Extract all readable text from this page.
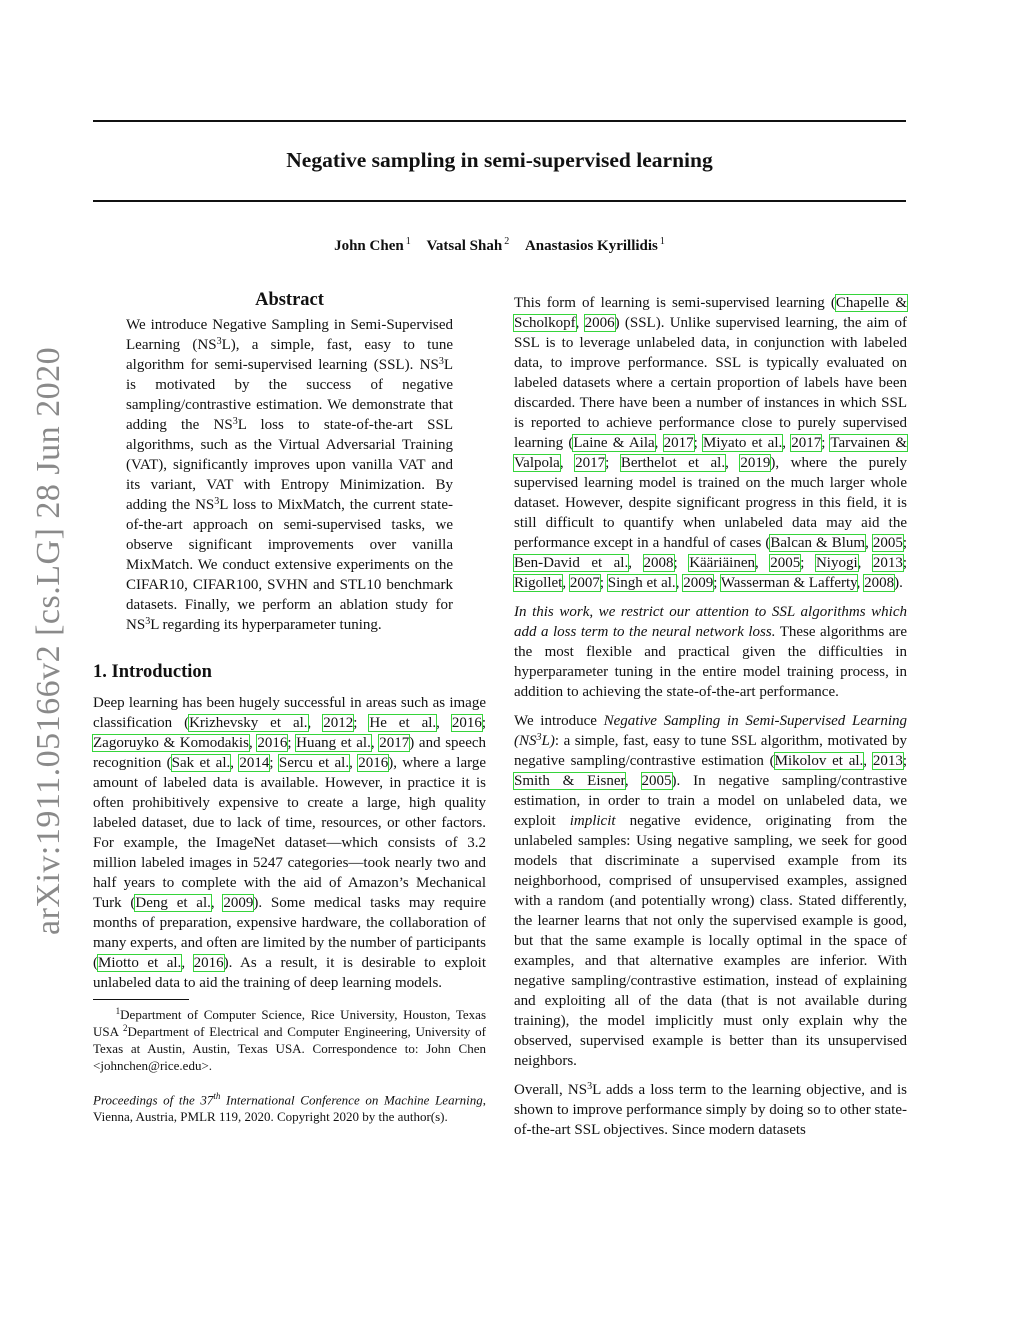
arXiv:1911.05166v2 [cs.LG] 28 Jun 2020
Negative sampling in semi-supervised learning
John Chen $^1$ Vatsal Shah $^2$ Anastasios Kyrillidis $^1$
Abstract

We introduce Negative Sampling in Semi-Supervised Learning $(NS^3L)$, a simple, fast, easy to tune algorithm for semi-supervised learning (SSL). $NS^3L$ is motivated by the success of negative sampling/contrastive estimation. We demonstrate that adding the $NS^3L$ loss to state-of-the-art SSL algorithms, such as the Virtual Adversarial Training (VAT), significantly improves upon vanilla VAT and its variant, VAT with Entropy Minimization. By adding the $NS^3L$ loss to MixMatch, the current state-of-the-art approach on semi-supervised tasks, we observe significant improvements over vanilla MixMatch. We conduct extensive experiments on the CIFAR10, CIFAR100, SVHN and STL10 benchmark datasets. Finally, we perform an ablation study for $NS^3L$ regarding its hyperparameter tuning.

1. Introduction

Deep learning has been hugely successful in areas such as image classification (Krizhevsky et al., 2012; He et al., 2016; Zagoruyko & Komodakis, 2016; Huang et al., 2017) and speech recognition (Sak et al., 2014; Sercu et al., 2016), where a large amount of labeled data is available. However, in practice it is often prohibitively expensive to create a large, high quality labeled dataset, due to lack of time, resources, or other factors. For example, the ImageNet dataset—which consists of 3.2 million labeled images in 5247 categories—took nearly two and half years to complete with the aid of Amazon’s Mechanical Turk (Deng et al., 2009). Some medical tasks may require months of preparation, expensive hardware, the collaboration of many experts, and often are limited by the number of participants (Miotto et al., 2016). As a result, it is desirable to exploit unlabeled data to aid the training of deep learning models.

$^1$Department of Computer Science, Rice University, Houston, Texas USA $^2$Department of Electrical and Computer Engineering, University of Texas at Austin, Austin, Texas USA. Correspondence to: John Chen <johnchen@rice.edu>.

Proceedings of the 37th International Conference on Machine Learning, Vienna, Austria, PMLR 119, 2020. Copyright 2020 by the author(s).

This form of learning is semi-supervised learning (Chapelle & Scholkopf, 2006) (SSL). Unlike supervised learning, the aim of SSL is to leverage unlabeled data, in conjunction with labeled data, to improve performance. SSL is typically evaluated on labeled datasets where a certain proportion of labels have been discarded. There have been a number of instances in which SSL is reported to achieve performance close to purely supervised learning (Laine & Aila, 2017; Miyato et al., 2017; Tarvainen & Valpola, 2017; Berthelot et al., 2019), where the purely supervised learning model is trained on the much larger whole dataset. However, despite significant progress in this field, it is still difficult to quantify when unlabeled data may aid the performance except in a handful of cases (Balcan & Blum, 2005; Ben-David et al., 2008; Kääriäinen, 2005; Niyogi, 2013; Rigollet, 2007; Singh et al., 2009; Wasserman & Lafferty, 2008).

In this work, we restrict our attention to SSL algorithms which add a loss term to the neural network loss. These algorithms are the most flexible and practical given the difficulties in hyperparameter tuning in the entire model training process, in addition to achieving the state-of-the-art performance.

We introduce Negative Sampling in Semi-Supervised Learning $(NS^3L)$: a simple, fast, easy to tune SSL algorithm, motivated by negative sampling/contrastive estimation (Mikolov et al., 2013; Smith & Eisner, 2005). In negative sampling/contrastive estimation, in order to train a model on unlabeled data, we exploit implicit negative evidence, originating from the unlabeled samples: Using negative sampling, we seek for good models that discriminate a supervised example from its neighborhood, comprised of unsupervised examples, assigned with a random (and potentially wrong) class. Stated differently, the learner learns that not only the supervised example is good, but that the same example is locally optimal in the space of examples, and that alternative examples are inferior. With negative sampling/contrastive estimation, instead of explaining and exploiting all of the data (that is not available during training), the model implicitly must only explain why the observed, supervised example is better than its unsupervised neighbors.

Overall, $NS^3L$ adds a loss term to the learning objective, and is shown to improve performance simply by doing so to other state-of-the-art SSL objectives. Since modern datasets
